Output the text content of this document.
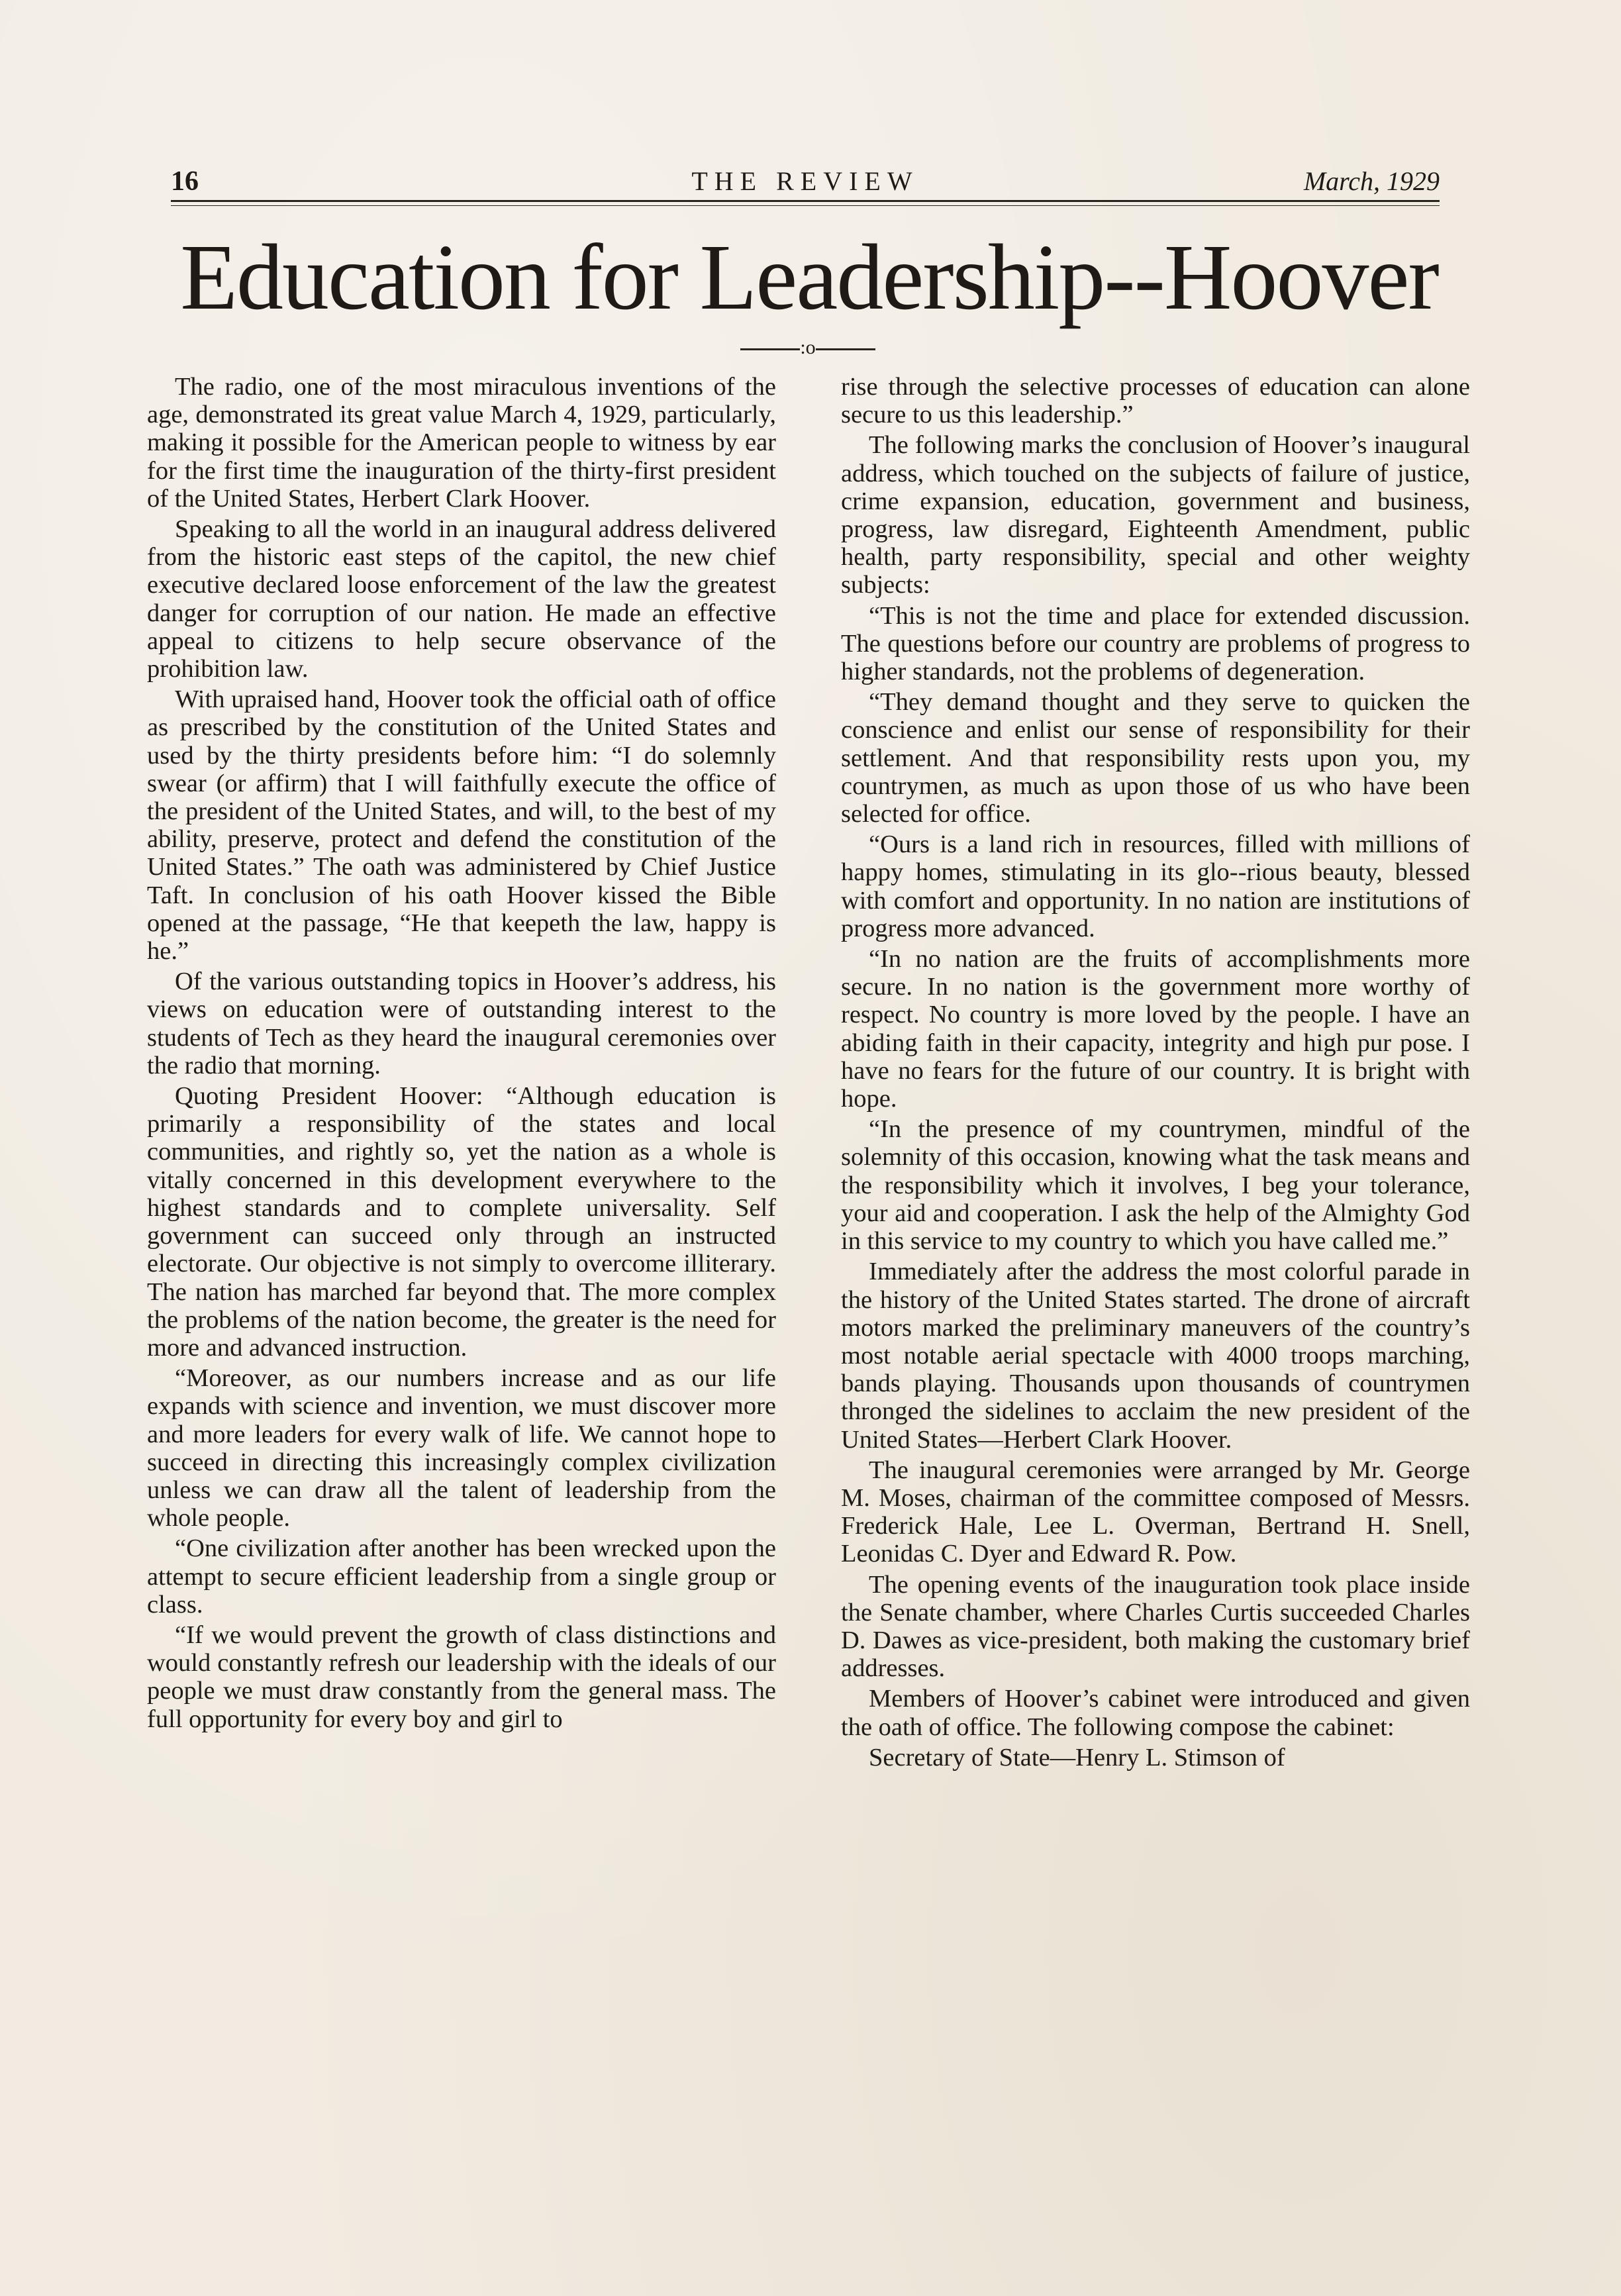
16	THE REVIEW	March, 1929
Education for Leadership--Hoover
:o

The radio, one of the most miraculous inventions of the age, demonstrated its great value March 4, 1929, particularly, making it possible for the American people to witness by ear for the first time the inauguration of the thirty-first president of the United States, Herbert Clark Hoover.

Speaking to all the world in an inaugural address delivered from the historic east steps of the capitol, the new chief executive declared loose enforcement of the law the greatest danger for corruption of our nation. He made an effective appeal to citizens to help secure observance of the prohibition law.

With upraised hand, Hoover took the official oath of office as prescribed by the constitution of the United States and used by the thirty presidents before him: “I do solemnly swear (or affirm) that I will faithfully execute the office of the president of the United States, and will, to the best of my ability, preserve, protect and defend the constitution of the United States.” The oath was administered by Chief Justice Taft. In conclusion of his oath Hoover kissed the Bible opened at the passage, “He that keepeth the law, happy is he.”

Of the various outstanding topics in Hoover’s address, his views on education were of outstanding interest to the students of Tech as they heard the inaugural ceremonies over the radio that morning.

Quoting President Hoover: “Although education is primarily a responsibility of the states and local communities, and rightly so, yet the nation as a whole is vitally concerned in this development everywhere to the highest standards and to complete universality. Self government can succeed only through an instructed electorate. Our objective is not simply to overcome illiterary. The nation has marched far beyond that. The more complex the problems of the nation become, the greater is the need for more and advanced instruction.

“Moreover, as our numbers increase and as our life expands with science and invention, we must discover more and more leaders for every walk of life. We cannot hope to succeed in directing this increasingly complex civilization unless we can draw all the talent of leadership from the whole people.

“One civilization after another has been wrecked upon the attempt to secure efficient leadership from a single group or class.

“If we would prevent the growth of class distinctions and would constantly refresh our leadership with the ideals of our people we must draw constantly from the general mass. The full opportunity for every boy and girl to

rise through the selective processes of education can alone secure to us this leadership.”

The following marks the conclusion of Hoover’s inaugural address, which touched on the subjects of failure of justice, crime expansion, education, government and business, progress, law disregard, Eighteenth Amendment, public health, party responsibility, special and other weighty subjects:

“This is not the time and place for extended discussion. The questions before our country are problems of progress to higher standards, not the problems of degeneration.

“They demand thought and they serve to quicken the conscience and enlist our sense of responsibility for their settlement. And that responsibility rests upon you, my countrymen, as much as upon those of us who have been selected for office.

“Ours is a land rich in resources, filled with millions of happy homes, stimulating in its glo--rious beauty, blessed with comfort and opportunity. In no nation are institutions of progress more advanced.

“In no nation are the fruits of accomplishments more secure. In no nation is the government more worthy of respect. No country is more loved by the people. I have an abiding faith in their capacity, integrity and high pur pose. I have no fears for the future of our country. It is bright with hope.

“In the presence of my countrymen, mindful of the solemnity of this occasion, knowing what the task means and the responsibility which it involves, I beg your tolerance, your aid and cooperation. I ask the help of the Almighty God in this service to my country to which you have called me.”

Immediately after the address the most colorful parade in the history of the United States started. The drone of aircraft motors marked the preliminary maneuvers of the country’s most notable aerial spectacle with 4000 troops marching, bands playing. Thousands upon thousands of countrymen thronged the sidelines to acclaim the new president of the United States—Herbert Clark Hoover.

The inaugural ceremonies were arranged by Mr. George M. Moses, chairman of the committee composed of Messrs. Frederick Hale, Lee L. Overman, Bertrand H. Snell, Leonidas C. Dyer and Edward R. Pow.

The opening events of the inauguration took place inside the Senate chamber, where Charles Curtis succeeded Charles D. Dawes as vice-president, both making the customary brief addresses.

Members of Hoover’s cabinet were introduced and given the oath of office. The following compose the cabinet:

Secretary of State—Henry L. Stimson of
